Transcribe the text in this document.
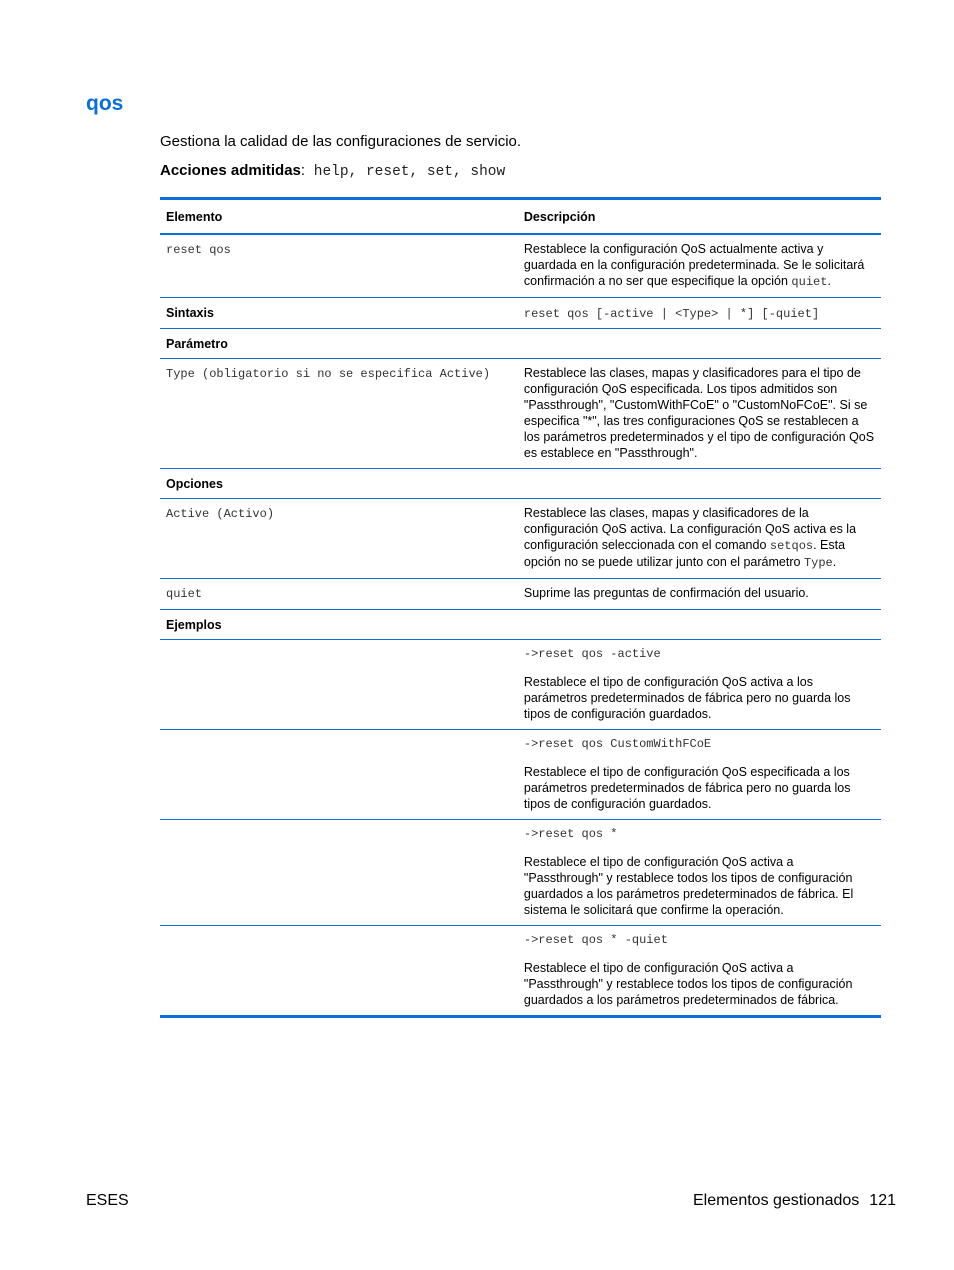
qos
Gestiona la calidad de las configuraciones de servicio.
Acciones admitidas: help, reset, set, show
Elemento	Descripción
reset qos	Restablece la configuración QoS actualmente activa y guardada en la configuración predeterminada. Se le solicitará confirmación a no ser que especifique la opción quiet.
Sintaxis	reset qos [-active | <Type> | *] [-quiet]
Parámetro	
Type (obligatorio si no se especifica Active)	Restablece las clases, mapas y clasificadores para el tipo de configuración QoS especificada. Los tipos admitidos son "Passthrough", "CustomWithFCoE" o "CustomNoFCoE". Si se especifica "*", las tres configuraciones QoS se restablecen a los parámetros predeterminados y el tipo de configuración QoS es establece en "Passthrough".
Opciones	
Active (Activo)	Restablece las clases, mapas y clasificadores de la configuración QoS activa. La configuración QoS activa es la configuración seleccionada con el comando setqos. Esta opción no se puede utilizar junto con el parámetro Type.
quiet	Suprime las preguntas de confirmación del usuario.
Ejemplos	

	->reset qos -active
Restablece el tipo de configuración QoS activa a los parámetros predeterminados de fábrica pero no guarda los tipos de configuración guardados.

	->reset qos CustomWithFCoE
Restablece el tipo de configuración QoS especificada a los parámetros predeterminados de fábrica pero no guarda los tipos de configuración guardados.

	->reset qos *
Restablece el tipo de configuración QoS activa a "Passthrough" y restablece todos los tipos de configuración guardados a los parámetros predeterminados de fábrica. El sistema le solicitará que confirme la operación.

	->reset qos * -quiet
Restablece el tipo de configuración QoS activa a "Passthrough" y restablece todos los tipos de configuración guardados a los parámetros predeterminados de fábrica.
ESES	Elementos gestionados 121
